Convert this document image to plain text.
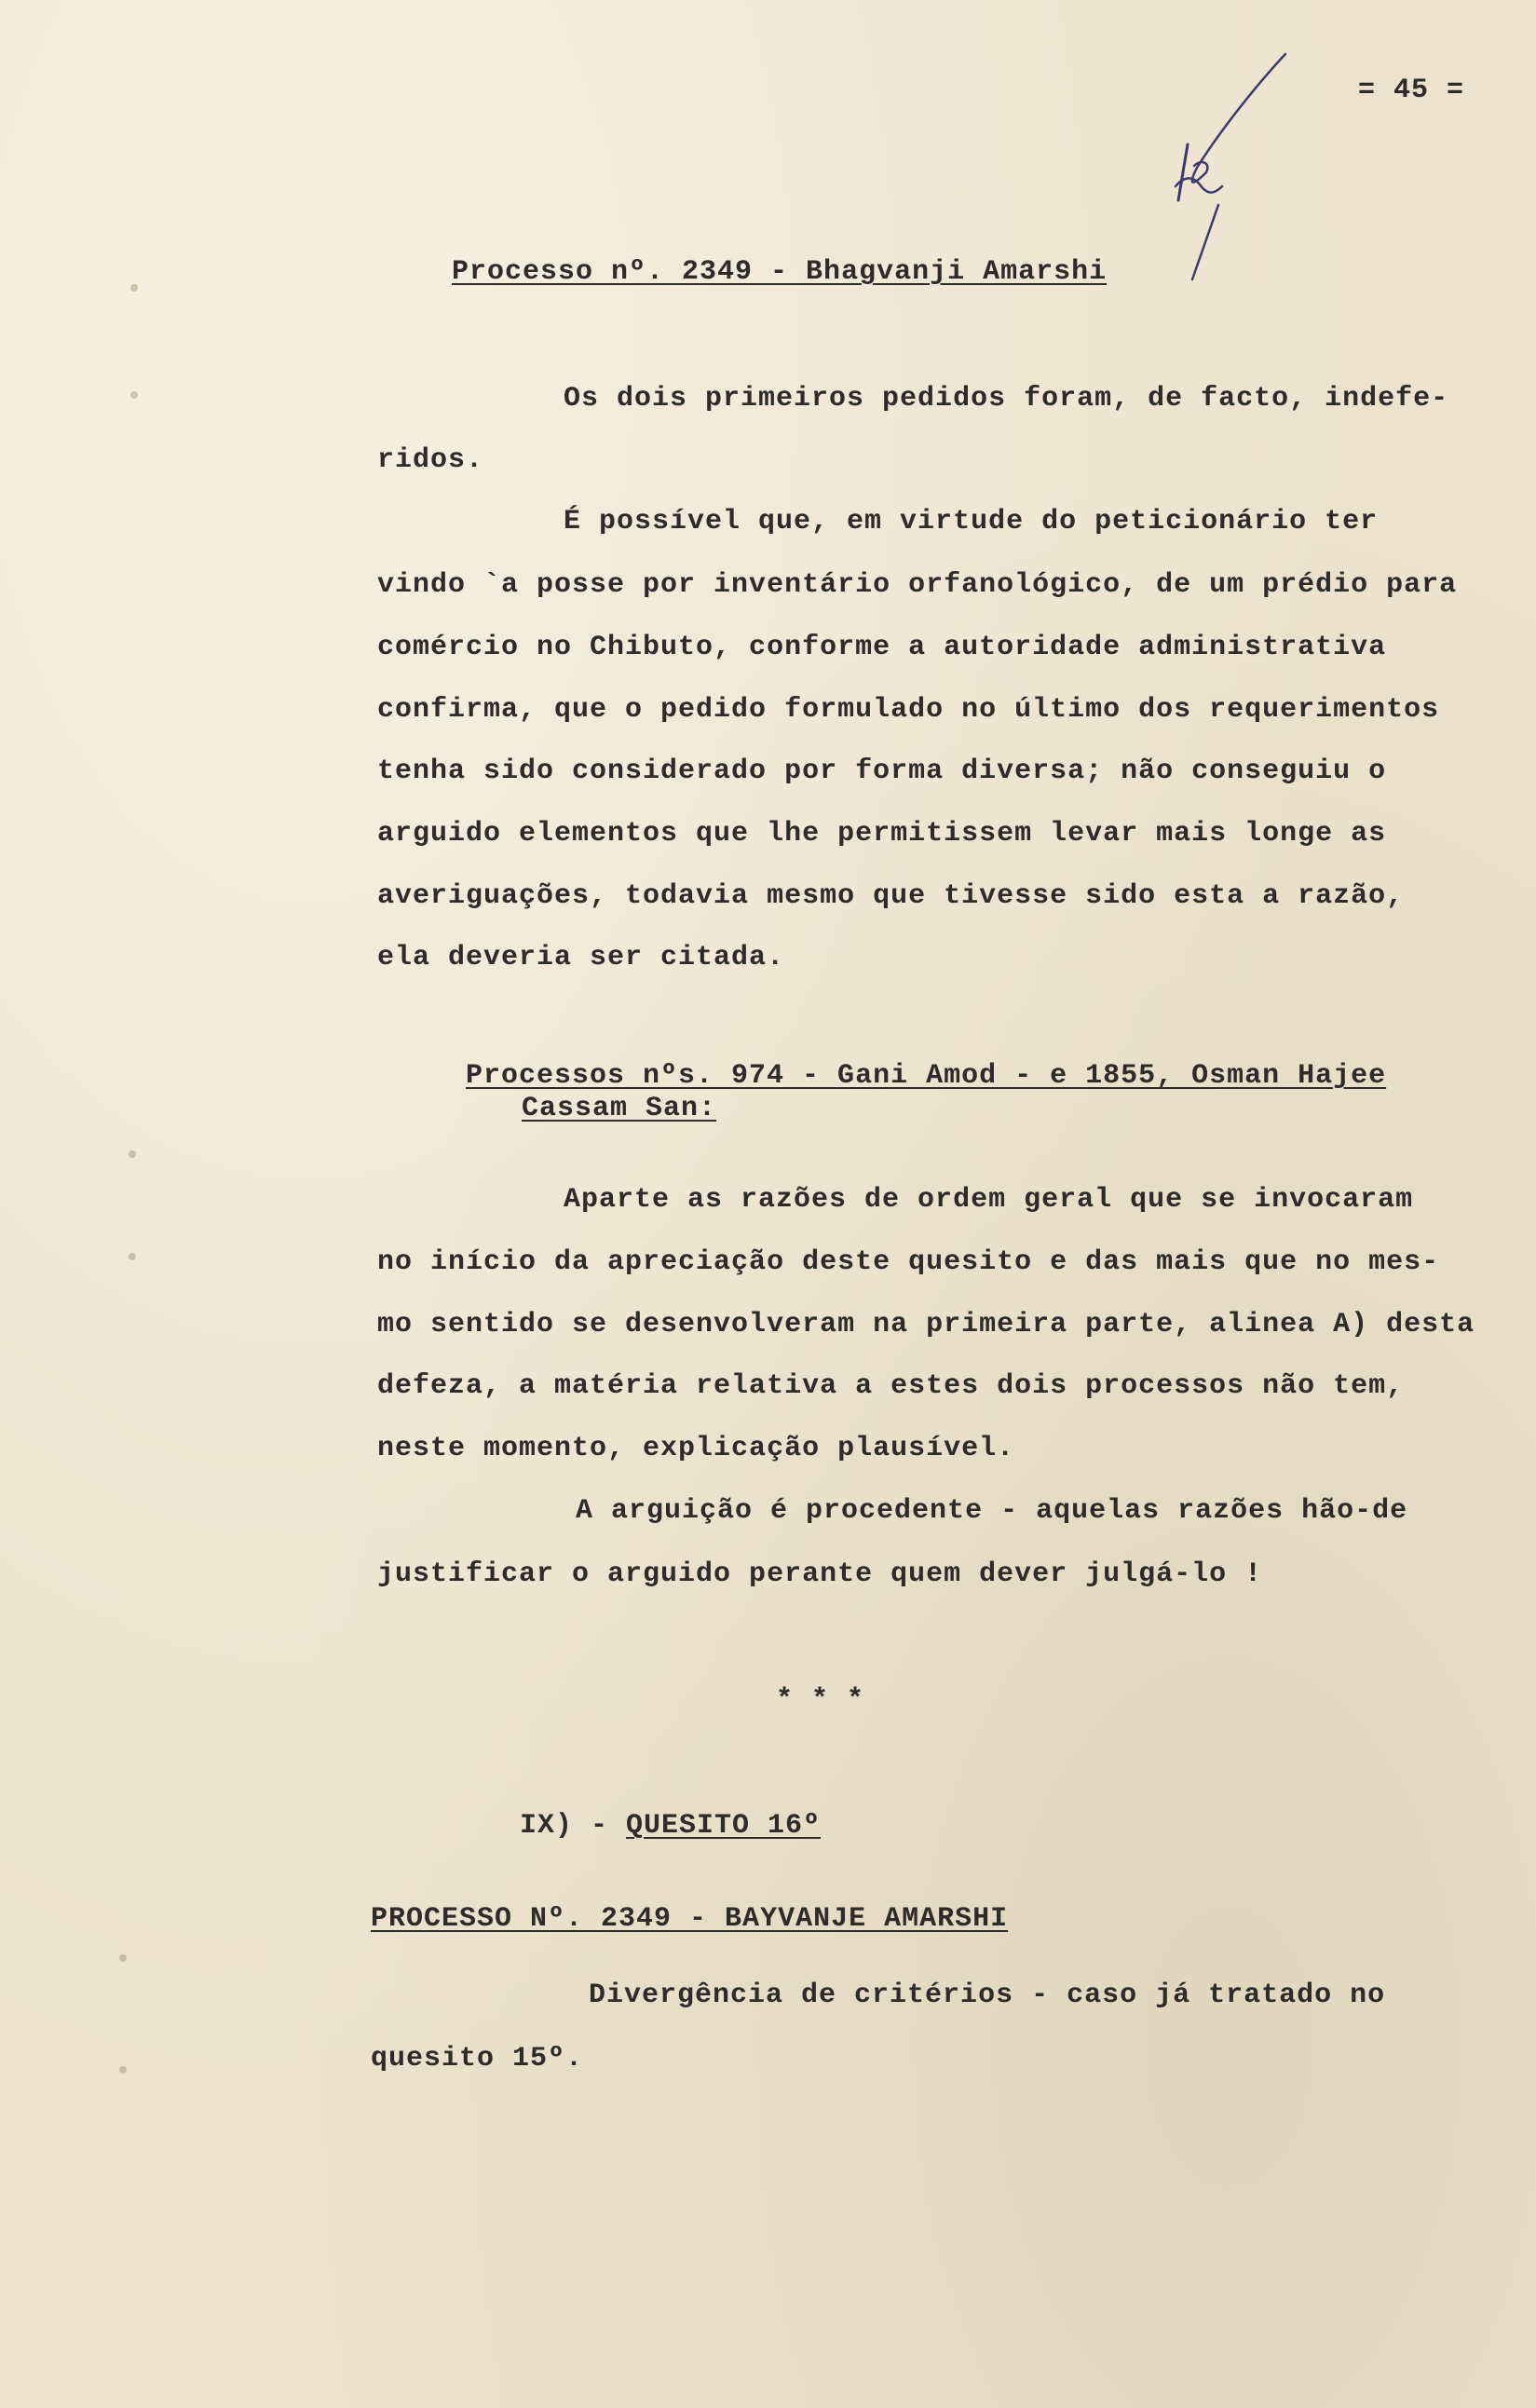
= 45 =

Processo nº. 2349 - Bhagvanji Amarshi

Os dois primeiros pedidos foram, de facto, indefe-

ridos.

É possível que, em virtude do peticionário ter

vindo `a posse por inventário orfanológico, de um prédio para

comércio no Chibuto, conforme a autoridade administrativa

confirma, que o pedido formulado no último dos requerimentos

tenha sido considerado por forma diversa; não conseguiu o

arguido elementos que lhe permitissem levar mais longe as

averiguações, todavia mesmo que tivesse sido esta a razão,

ela deveria ser citada.

Processos nºs. 974 - Gani Amod - e 1855, Osman Hajee

Cassam San:

Aparte as razões de ordem geral que se invocaram

no início da apreciação deste quesito e das mais que no mes-

mo sentido se desenvolveram na primeira parte, alinea A) desta

defeza, a matéria relativa a estes dois processos não tem,

neste momento, explicação plausível.

A arguição é procedente - aquelas razões hão-de

justificar o arguido perante quem dever julgá-lo !

* * *

IX) - QUESITO 16º

PROCESSO Nº. 2349 - BAYVANJE AMARSHI

Divergência de critérios - caso já tratado no

quesito 15º.
